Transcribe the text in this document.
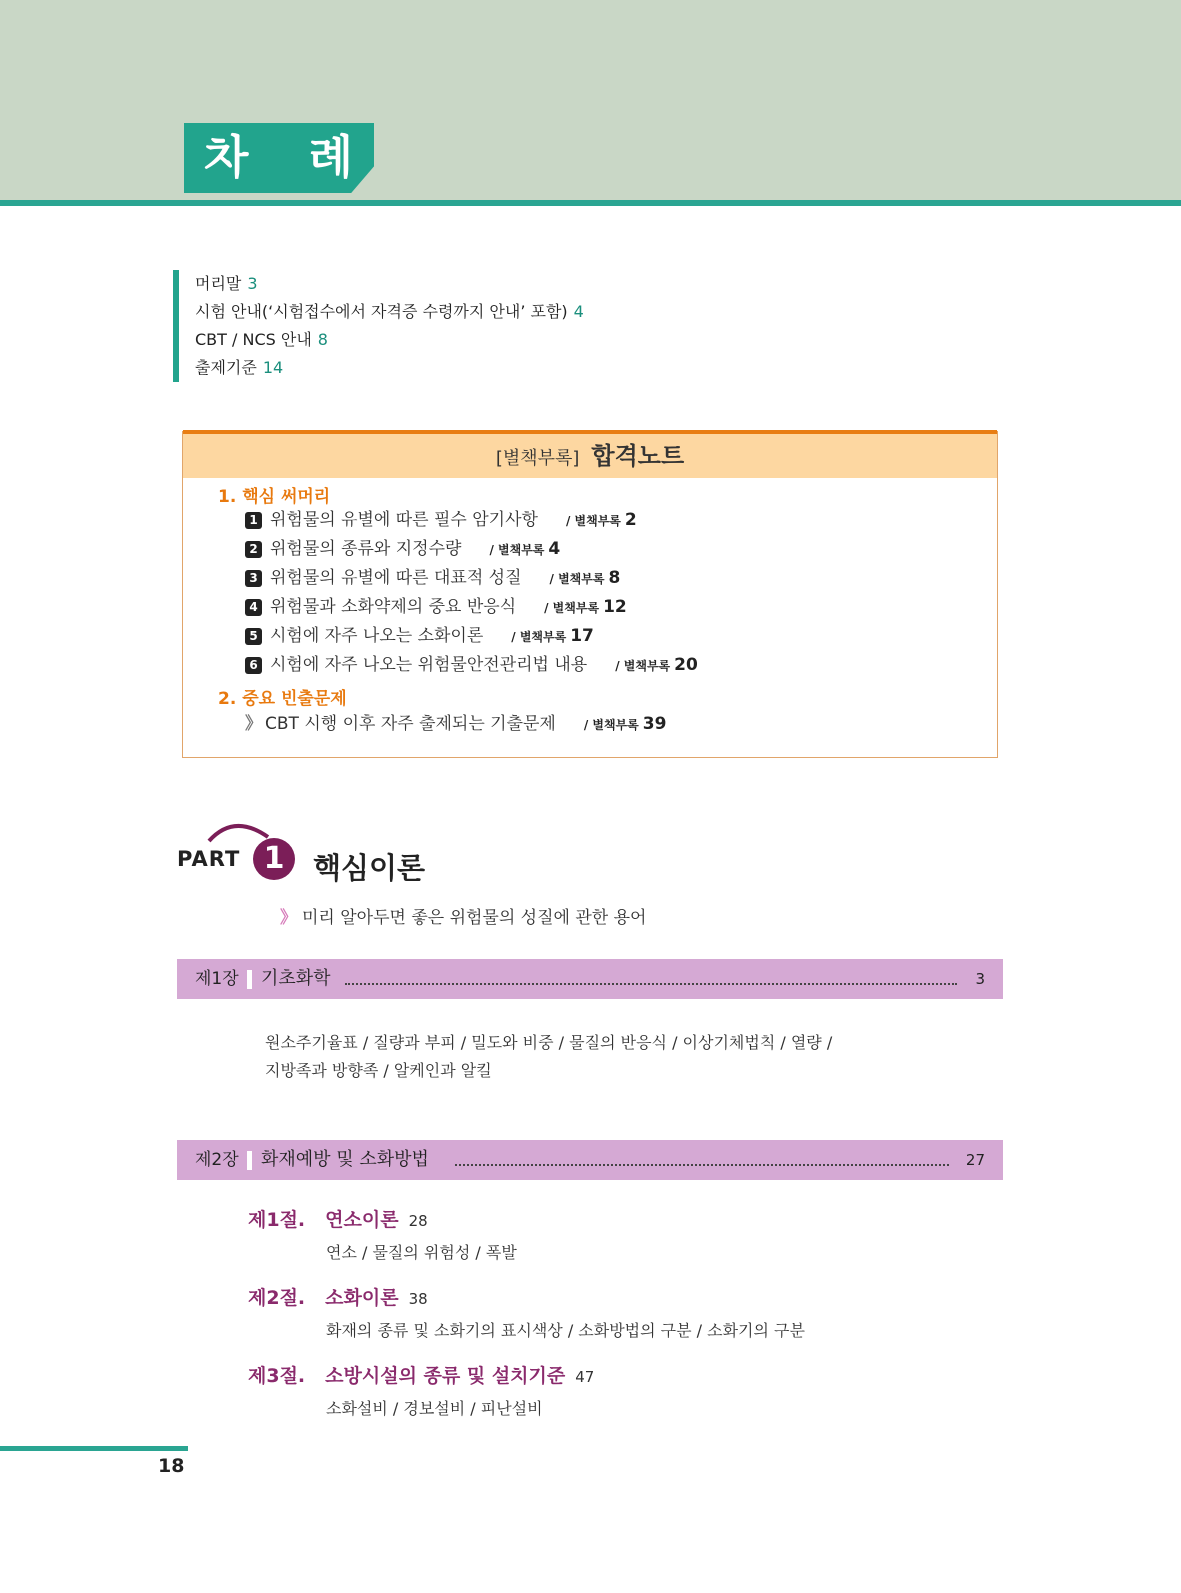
차 례
머리말 3
시험 안내(‘시험접수에서 자격증 수령까지 안내’ 포함) 4
CBT / NCS 안내 8
출제기준 14
[별책부록] 합격노트
1. 핵심 써머리
1 위험물의 유별에 따른 필수 암기사항 / 별책부록 2
2 위험물의 종류와 지정수량 / 별책부록 4
3 위험물의 유별에 따른 대표적 성질 / 별책부록 8
4 위험물과 소화약제의 중요 반응식 / 별책부록 12
5 시험에 자주 나오는 소화이론 / 별책부록 17
6 시험에 자주 나오는 위험물안전관리법 내용 / 별책부록 20
2. 중요 빈출문제
》 CBT 시행 이후 자주 출제되는 기출문제 / 별책부록 39
PART 1 핵심이론
》 미리 알아두면 좋은 위험물의 성질에 관한 용어
제1장 기초화학	3
원소주기율표 / 질량과 부피 / 밀도와 비중 / 물질의 반응식 / 이상기체법칙 / 열량 /
지방족과 방향족 / 알케인과 알킬
제2장 화재예방 및 소화방법	27
제1절. 연소이론 28
연소 / 물질의 위험성 / 폭발
제2절. 소화이론 38
화재의 종류 및 소화기의 표시색상 / 소화방법의 구분 / 소화기의 구분
제3절. 소방시설의 종류 및 설치기준 47
소화설비 / 경보설비 / 피난설비
18
